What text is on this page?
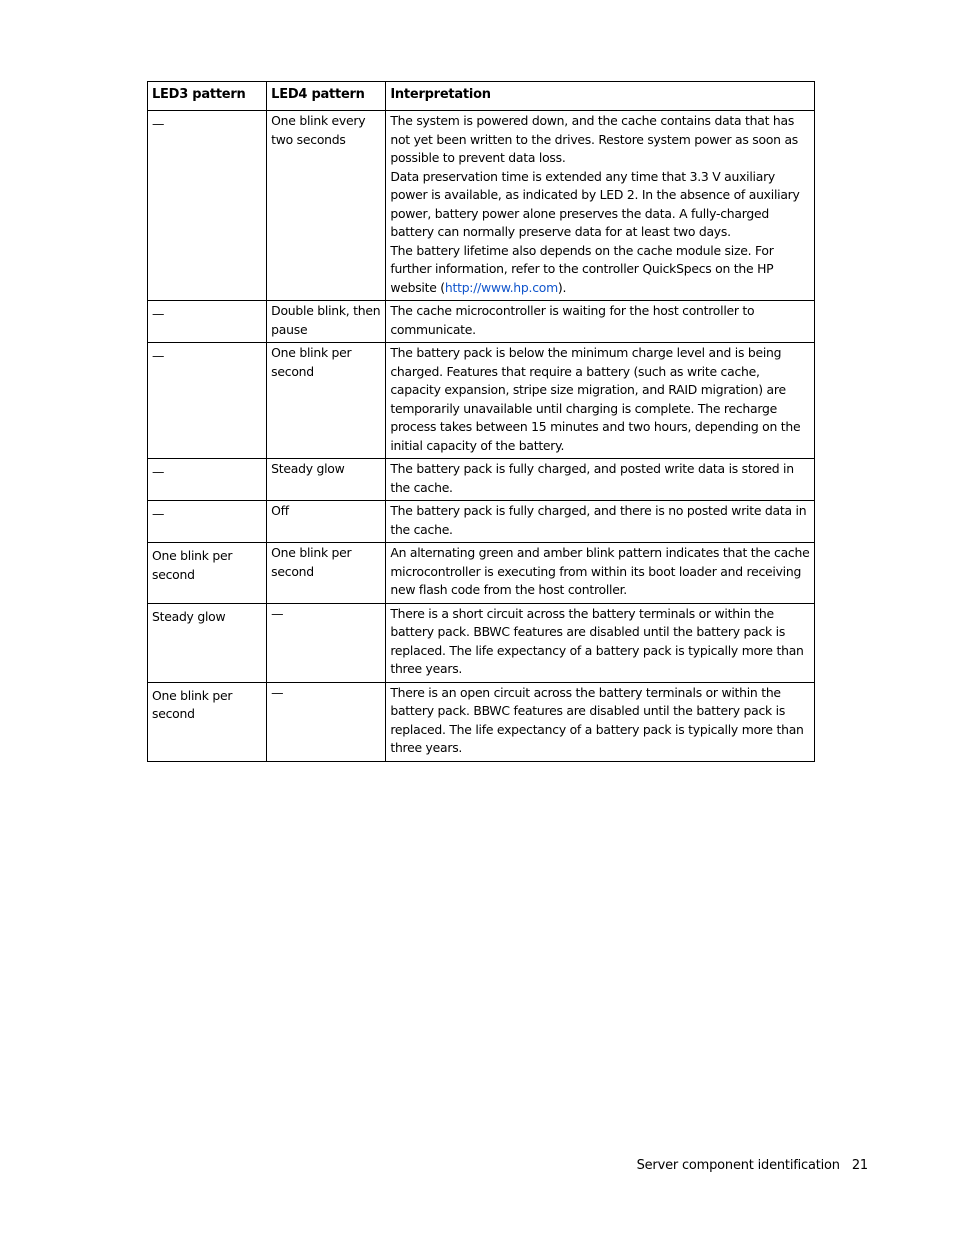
LED3 pattern	LED4 pattern	Interpretation
—	One blink every two seconds	The system is powered down, and the cache contains data that has not yet been written to the drives. Restore system power as soon as possible to prevent data loss.
Data preservation time is extended any time that 3.3 V auxiliary power is available, as indicated by LED 2. In the absence of auxiliary power, battery power alone preserves the data. A fully-charged battery can normally preserve data for at least two days.
The battery lifetime also depends on the cache module size. For further information, refer to the controller QuickSpecs on the HP website (http://www.hp.com).

—	Double blink, then pause	The cache microcontroller is waiting for the host controller to communicate.
—	One blink per second	The battery pack is below the minimum charge level and is being charged. Features that require a battery (such as write cache, capacity expansion, stripe size migration, and RAID migration) are temporarily unavailable until charging is complete. The recharge process takes between 15 minutes and two hours, depending on the initial capacity of the battery.
—	Steady glow	The battery pack is fully charged, and posted write data is stored in the cache.
—	Off	The battery pack is fully charged, and there is no posted write data in the cache.
One blink per second	One blink per second	An alternating green and amber blink pattern indicates that the cache microcontroller is executing from within its boot loader and receiving new flash code from the host controller.
Steady glow	—	There is a short circuit across the battery terminals or within the battery pack. BBWC features are disabled until the battery pack is replaced. The life expectancy of a battery pack is typically more than three years.
One blink per second	—	There is an open circuit across the battery terminals or within the battery pack. BBWC features are disabled until the battery pack is replaced. The life expectancy of a battery pack is typically more than three years.
Server component identification 21
